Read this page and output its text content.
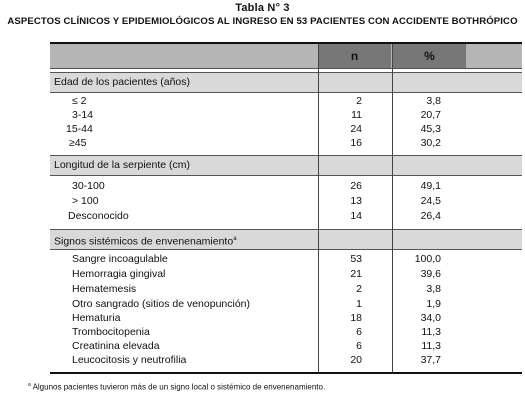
Tabla N° 3
ASPECTOS CLÍNICOS Y EPIDEMIOLÓGICOS AL INGRESO EN 53 PACIENTES CON ACCIDENTE BOTHRÓPICO
n	%
Edad de los pacientes (años)
≤ 2	2	3,8
3-14	11	20,7
15-44	24	45,3
≥45	16	30,2
Longitud de la serpiente (cm)
30-100	26	49,1
> 100	13	24,5
Desconocido	14	26,4
Signos sistémicos de envenenamiento$^a$
Sangre incoagulable	53	100,0
Hemorragia gingival	21	39,6
Hematemesis	2	3,8
Otro sangrado (sitios de venopunción)	1	1,9
Hematuria	18	34,0
Trombocitopenia	6	11,3
Creatinina elevada	6	11,3
Leucocitosis y neutrofilia	20	37,7
$^a$ Algunos pacientes tuvieron más de un signo local o sistémico de envenenamiento.
